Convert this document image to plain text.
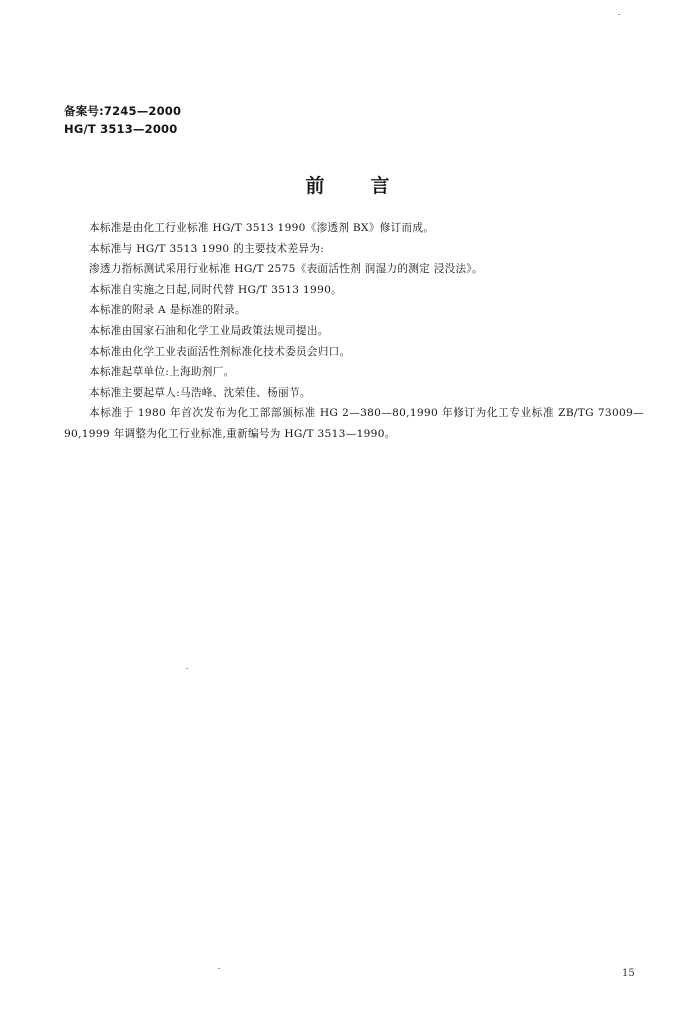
备案号:7245—2000
HG/T 3513—2000
前言

本标准是由化工行业标准 HG/T 3513 1990《渗透剂 BX》修订而成。

本标准与 HG/T 3513 1990 的主要技术差异为:

渗透力指标测试采用行业标准 HG/T 2575《表面活性剂 润湿力的测定 浸没法》。

本标准自实施之日起,同时代替 HG/T 3513 1990。

本标准的附录 A 是标准的附录。

本标准由国家石油和化学工业局政策法规司提出。

本标准由化学工业表面活性剂标准化技术委员会归口。

本标准起草单位:上海助剂厂。

本标准主要起草人:马浩峰、沈荣佳、杨丽节。

本标准于 1980 年首次发布为化工部部颁标准 HG 2—380—80,1990 年修订为化工专业标准 ZB/TG 73009—90,1999 年调整为化工行业标准,重新编号为 HG/T 3513—1990。

15
